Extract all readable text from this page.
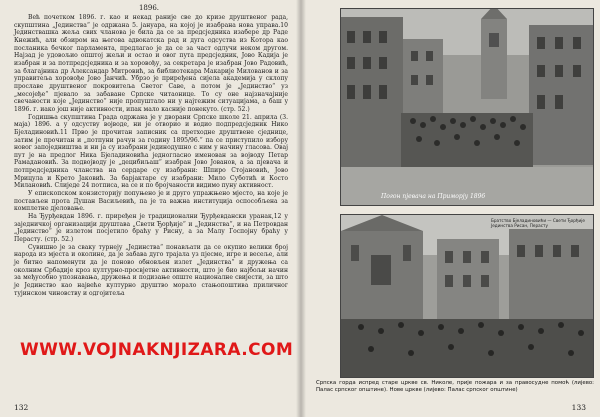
1896.

Већ почетком 1896. г. као и некад раније све до кризе друштвеног рада, скупштина „Јединства“ је одржана 5. јануара, на којој је изабрана нова управа.10 Јединствашка жеља свих чланова је била да се за предсједника изабере др Раде Кнежић, али обзиром на његова адвокатска рад и дуга одсуства из Котора као посланика бечког парламента, предлагао је да се за част одлучи неком другом. Најзад је удовољио општој жељи и остао и овог пута предсједник, Јово Кадија је изабран и за потпредсједника и за хоровођу, за секретара је изабран Јово Радовић, за благајника др Александар Митровић, за библиотекара Макарије Милованов и за управитеља хоровође Јово Јанчић. Убрзо је приређена сијела академија у склопу прославе друштвеног покровитеља Светог Саве, а потом је „Јединство“ уз „месојеђе“ пјевало за забаване Српске читаонице. То су оне најзначајније свечаности које „Јединство“ није пропуштало ни у најтежим ситуацијама, а баш у 1896. г. иако још није активности, ипак мало касније понекуто. (стр. 52.)

Годишња скупштина Града одржана је у дворани Српске школе 21. априла (3. маја) 1896. а у одсуству војводе, ни је отворио и водио подпредсједник Нико Бјеладиновић.11 Прво је прочитан записник са претходне друштвене сједнице, затим је прочитан и „потпуни рачун за годину 1895/96.“ па се приступило избору новог запоједништва и ни ја су изабрани јединодушно с ним у начину гласова. Овај пут је на предлог Ника Бјеладиновића једногласно именован за војводу Петар Рамадановић. За подвојводу је „децибиљаш“ изабран Јово Јованов, а за пјевача и потпредсједника чланства на сердаре су изабрани: Шпиро Стојановић, Јово Мрицула и Крето Јаковић. За барјактаре су изабрани: Мило Суботић и Косто Милановић. Слиједе 24 потписа, на се и по бројчаности видимо пуну активност.

У епископском конзисторију попуњено је и друго упражњено мјесто, на које је постављен прота Душан Васиљевић, па је та важна институција оспособљена за комплетне дјеловање.

На Ђурђевдан 1896. г. приређен је традиционални Ђурђевдански уранак,12 у заједничкој организацији друштава „Свети Ђорђије“ и „Јединства“, и на Петровдан „Јединство“ је излетом посјетило браћу у Рисну, а за Малу Госпојну браћу у Перасту. (стр. 52.)

Сувишно је за сваку турнеју „Јединства“ понављати да се окупио велики број народа из мјеста и околине, да је забава дуго трајала уз пјесме, игре и весеље, али је битно напоменути да је поново обновљен излет „Јединства“ и дружења са околним Србадије кроз културно-просвјетне активности, што је био најбољи начин за међусобно упознавања, дружења и подизање опште националне свијести, за што је Јединство као највеће културно друштво морало стањопоштива приличног тујинском чиновству и одгојитеља

WWW.VOJNAKNJIZARA.COM
132
Погон пјевача на Приморју 1896
Братство Бјеладиновићи — Свети Ђорђије Јединства Рисан, Перасту
Српска горда испред старе цркве св. Николе, прије пожара и за правосудне помоћ (лијево: Палас српског општине). Нове цркве (лијево: Палас српског општине)
133
